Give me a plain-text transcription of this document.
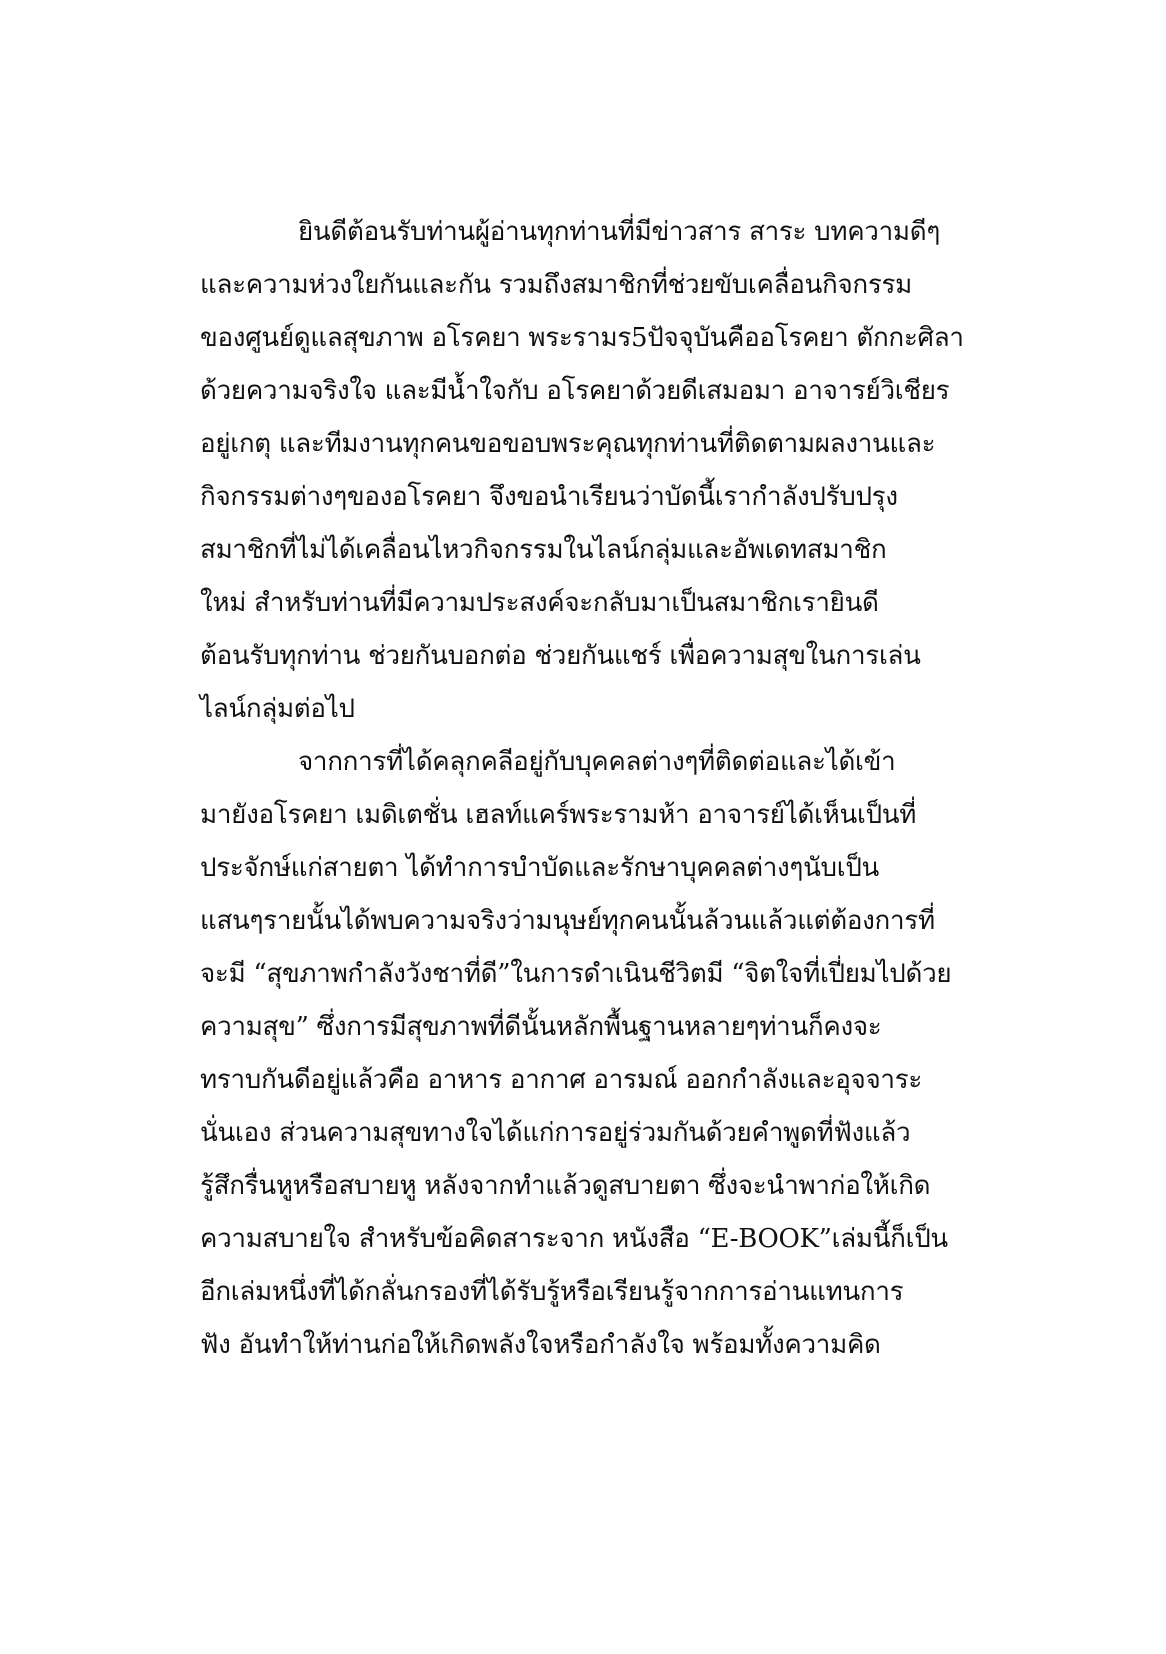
ยินดีต้อนรับท่านผู้อ่านทุกท่านที่มีข่าวสาร สาระ บทความดีๆ
และความห่วงใยกันและกัน รวมถึงสมาชิกที่ช่วยขับเคลื่อนกิจกรรม
ของศูนย์ดูแลสุขภาพ อโรคยา พระรามร5ปัจจุบันคืออโรคยา ตักกะศิลา
ด้วยความจริงใจ และมีน้ำใจกับ อโรคยาด้วยดีเสมอมา อาจารย์วิเชียร
อยู่เกตุ และทีมงานทุกคนขอขอบพระคุณทุกท่านที่ติดตามผลงานและ
กิจกรรมต่างๆของอโรคยา จึงขอนำเรียนว่าบัดนี้เรากำลังปรับปรุง
สมาชิกที่ไม่ได้เคลื่อนไหวกิจกรรมในไลน์กลุ่มและอัพเดทสมาชิก
ใหม่ สำหรับท่านที่มีความประสงค์จะกลับมาเป็นสมาชิกเรายินดี
ต้อนรับทุกท่าน ช่วยกันบอกต่อ ช่วยกันแชร์ เพื่อความสุขในการเล่น
ไลน์กลุ่มต่อไป
จากการที่ได้คลุกคลีอยู่กับบุคคลต่างๆที่ติดต่อและได้เข้า
มายังอโรคยา เมดิเตชั่น เฮลท์แคร์พระรามห้า อาจารย์ได้เห็นเป็นที่
ประจักษ์แก่สายตา ได้ทำการบำบัดและรักษาบุคคลต่างๆนับเป็น
แสนๆรายนั้นได้พบความจริงว่ามนุษย์ทุกคนนั้นล้วนแล้วแต่ต้องการที่
จะมี “สุขภาพกำลังวังชาที่ดี”ในการดำเนินชีวิตมี “จิตใจที่เปี่ยมไปด้วย
ความสุข” ซึ่งการมีสุขภาพที่ดีนั้นหลักพื้นฐานหลายๆท่านก็คงจะ
ทราบกันดีอยู่แล้วคือ อาหาร อากาศ อารมณ์ ออกกำลังและอุจจาระ
นั่นเอง ส่วนความสุขทางใจได้แก่การอยู่ร่วมกันด้วยคำพูดที่ฟังแล้ว
รู้สึกรื่นหูหรือสบายหู หลังจากทำแล้วดูสบายตา ซึ่งจะนำพาก่อให้เกิด
ความสบายใจ สำหรับข้อคิดสาระจาก หนังสือ “E-BOOK”เล่มนี้ก็เป็น
อีกเล่มหนึ่งที่ได้กลั่นกรองที่ได้รับรู้หรือเรียนรู้จากการอ่านแทนการ
ฟัง อันทำให้ท่านก่อให้เกิดพลังใจหรือกำลังใจ พร้อมทั้งความคิด
